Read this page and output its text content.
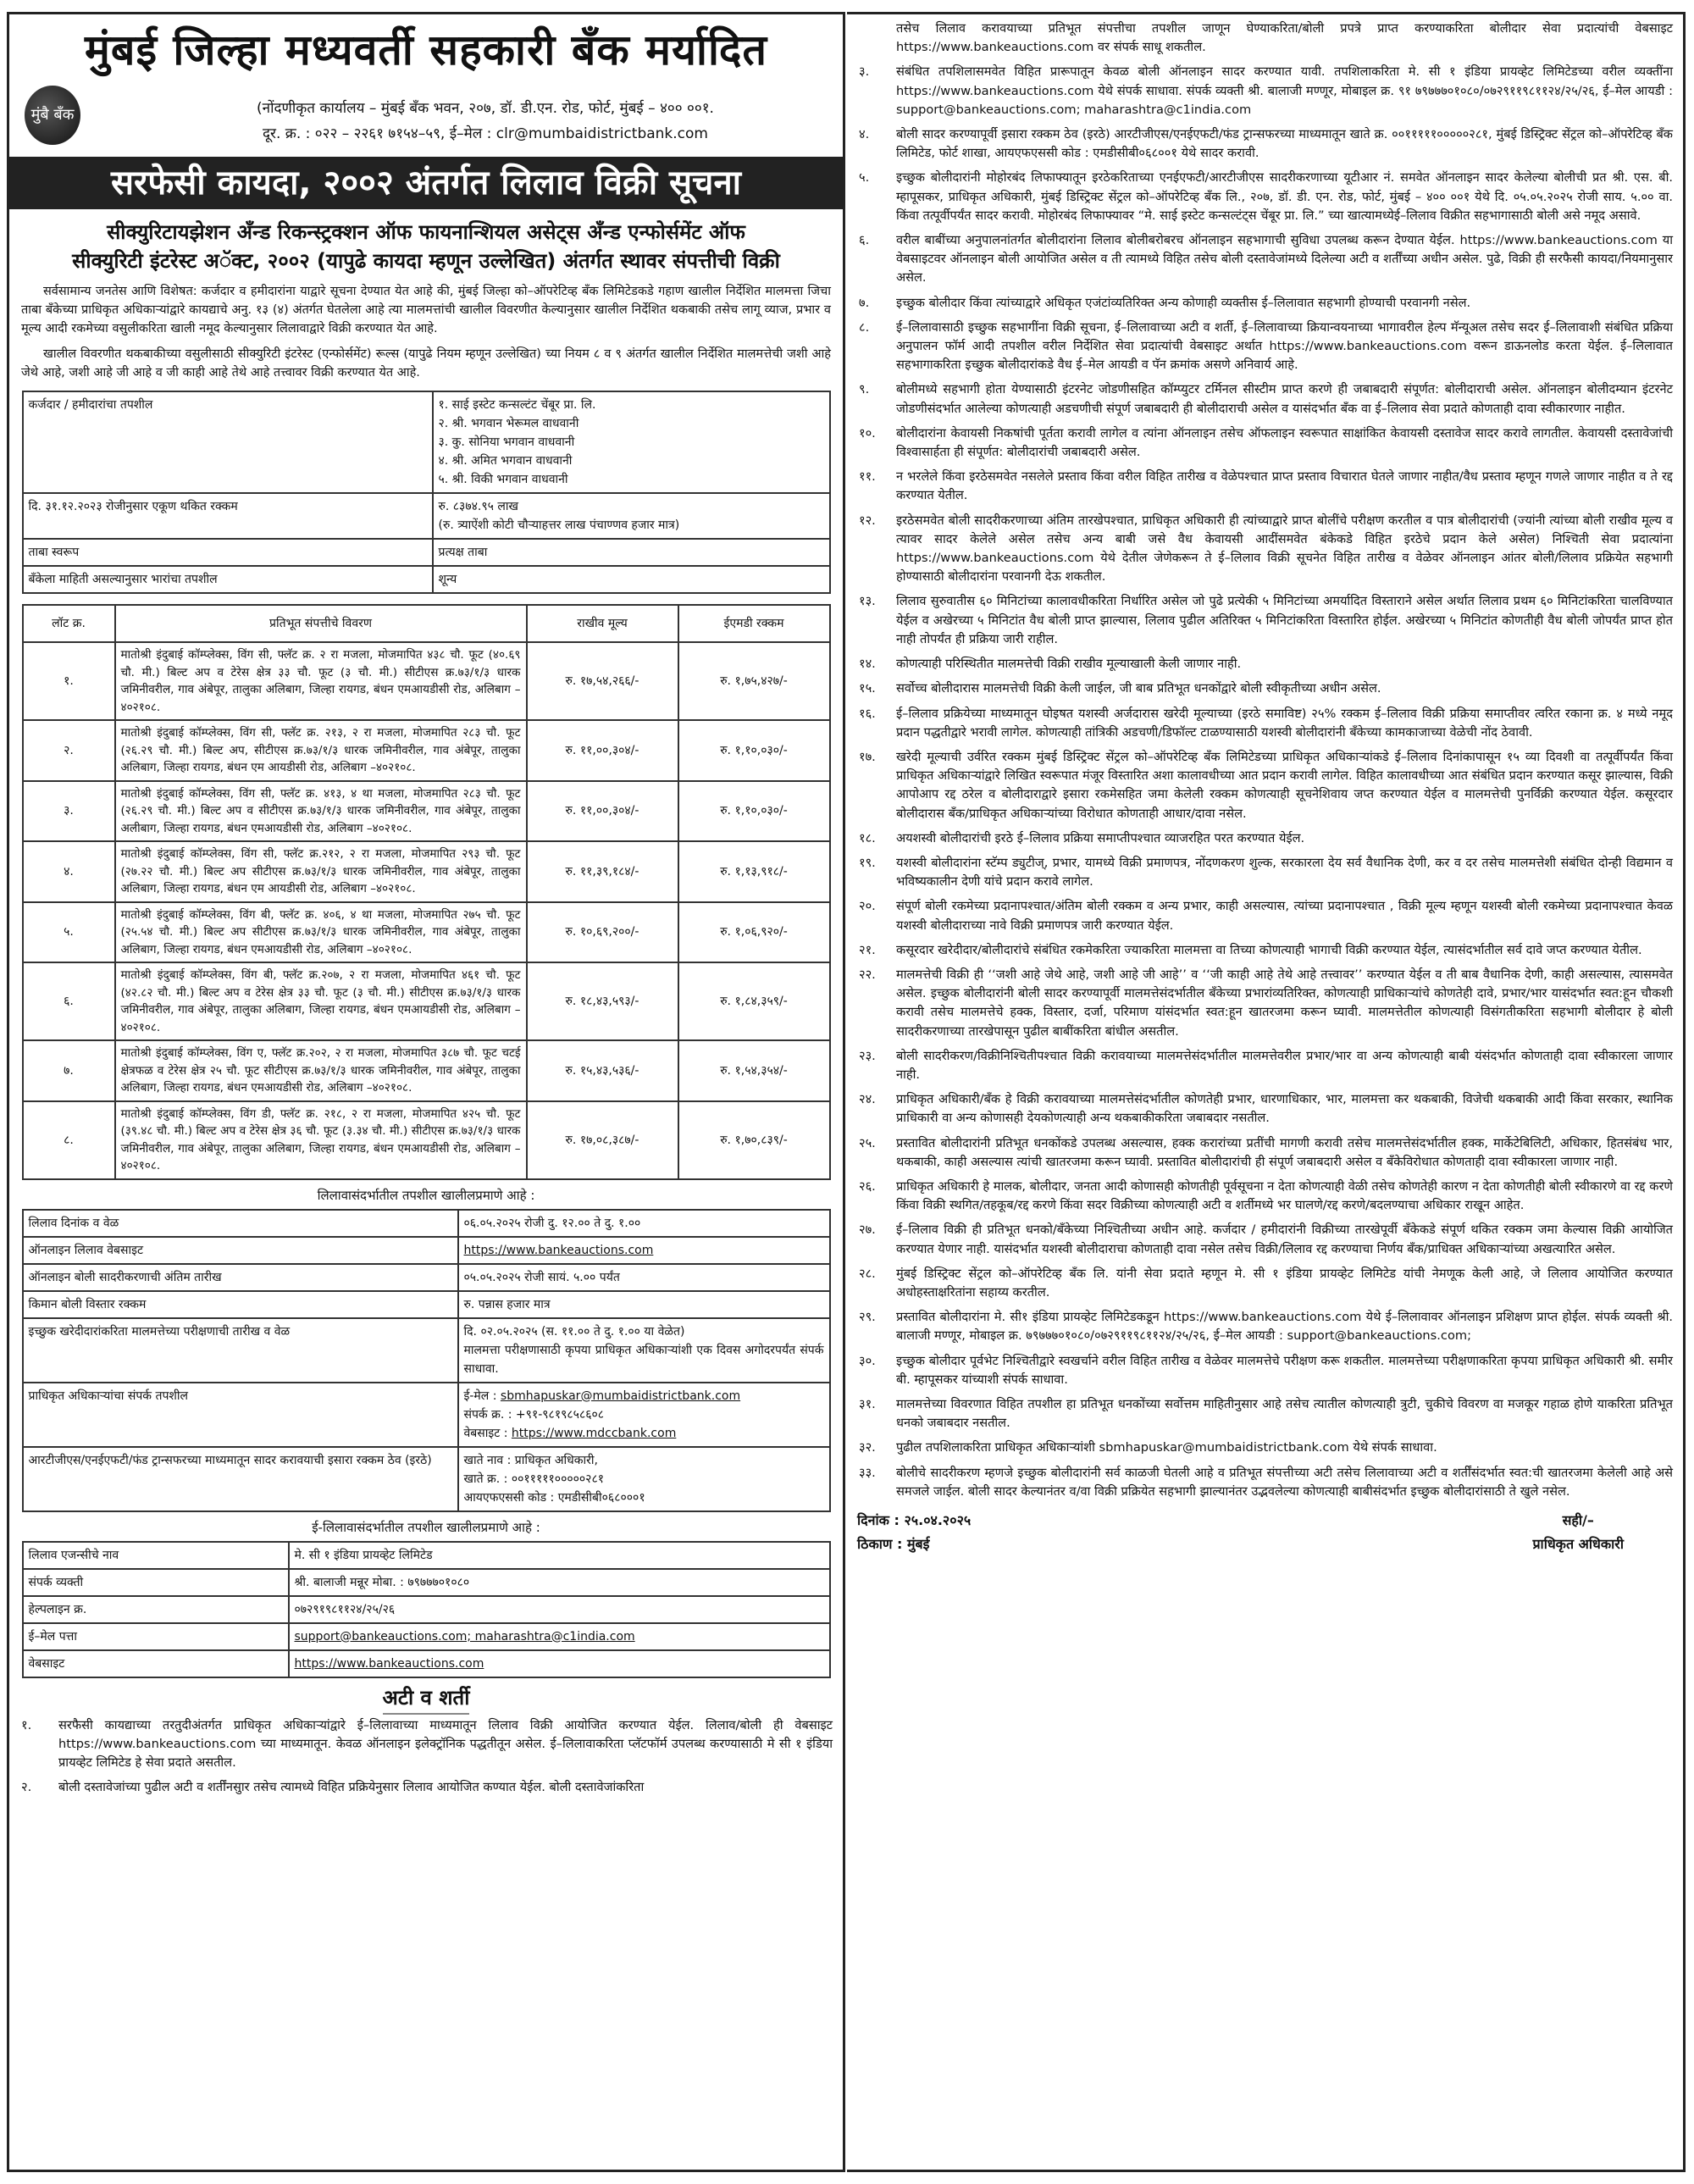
मुंबई जिल्हा मध्यवर्ती सहकारी बँक मर्यादित
मुंबै बँक	(नोंदणीकृत कार्यालय – मुंबई बँक भवन, २०७, डॉ. डी.एन. रोड, फोर्ट, मुंबई – ४०० ००१.
दूर. क्र. : ०२२ – २२६१ ७१५४–५९, ई–मेल : clr@mumbaidistrictbank.com
सरफेसी कायदा, २००२ अंतर्गत लिलाव विक्री सूचना
सीक्युरिटायझेशन अँन्ड रिकन्स्ट्रक्शन ऑफ फायनान्शियल असेट्स अँन्ड एन्फोर्समेंट ऑफ
सीक्युरिटी इंटरेस्ट अॅक्ट, २००२ (यापुढे कायदा म्हणून उल्लेखित) अंतर्गत स्थावर संपत्तीची विक्री

सर्वसामान्य जनतेस आणि विशेषत: कर्जदार व हमीदारांना याद्वारे सूचना देण्यात येत आहे की, मुंबई जिल्हा को–ऑपरेटिव्ह बँक लिमिटेडकडे गहाण खालील निर्देशित मालमत्ता जिचा ताबा बँकेच्या प्राधिकृत अधिकाऱ्यांद्वारे कायद्याचे अनु. १३ (४) अंतर्गत घेतलेला आहे त्या मालमत्तांची खालील विवरणीत केल्यानुसार खालील निर्देशित थकबाकी तसेच लागू व्याज, प्रभार व मूल्य आदी रकमेच्या वसुलीकरिता खाली नमूद केल्यानुसार लिलावाद्वारे विक्री करण्यात येत आहे.

खालील विवरणीत थकबाकीच्या वसुलीसाठी सीक्युरिटी इंटरेस्ट (एन्फोर्समेंट) रूल्स (यापुढे नियम म्हणून उल्लेखित) च्या नियम ८ व ९ अंतर्गत खालील निर्देशित मालमत्तेची जशी आहे जेथे आहे, जशी आहे जी आहे व जी काही आहे तेथे आहे तत्त्वावर विक्री करण्यात येत आहे.

कर्जदार / हमीदारांचा तपशील	१. साई इस्टेट कन्सल्टंट चेंबूर प्रा. लि.
२. श्री. भगवान भेरूमल वाधवानी
३. कु. सोनिया भगवान वाधवानी
४. श्री. अमित भगवान वाधवानी
५. श्री. विकी भगवान वाधवानी

दि. ३१.१२.२०२३ रोजीनुसार एकूण थकित रक्कम	रु. ८३७४.९५ लाख
(रु. त्र्याऐंशी कोटी चौऱ्याहत्तर लाख पंचाण्णव हजार मात्र)

ताबा स्वरूप	प्रत्यक्ष ताबा

बँकेला माहिती असल्यानुसार भारांचा तपशील	शून्य
लॉट क्र.	प्रतिभूत संपत्तीचे विवरण	राखीव मूल्य	ईएमडी रक्कम
१.	मातोश्री इंदुबाई कॉम्प्लेक्स, विंग सी, फ्लॅट क्र. २ रा मजला, मोजमापित ४३८ चौ. फूट (४०.६९ चौ. मी.) बिल्ट अप व टेरेस क्षेत्र ३३ चौ. फूट (३ चौ. मी.) सीटीएस क्र.७३/१/३ धारक जमिनीवरील, गाव अंबेपूर, तालुका अलिबाग, जिल्हा रायगड, बंधन एमआयडीसी रोड, अलिबाग –४०२१०८.	रु. १७,५४,२६६/-	रु. १,७५,४२७/-
२.	मातोश्री इंदुबाई कॉम्प्लेक्स, विंग सी, फ्लॅट क्र. २१३, २ रा मजला, मोजमापित २८३ चौ. फूट (२६.२९ चौ. मी.) बिल्ट अप, सीटीएस क्र.७३/१/३ धारक जमिनीवरील, गाव अंबेपूर, तालुका अलिबाग, जिल्हा रायगड, बंधन एम आयडीसी रोड, अलिबाग –४०२१०८.	रु. ११,००,३०४/-	रु. १,१०,०३०/-
३.	मातोश्री इंदुबाई कॉम्प्लेक्स, विंग सी, फ्लॅट क्र. ४१३, ४ था मजला, मोजमापित २८३ चौ. फूट (२६.२९ चौ. मी.) बिल्ट अप व सीटीएस क्र.७३/१/३ धारक जमिनीवरील, गाव अंबेपूर, तालुका अलीबाग, जिल्हा रायगड, बंधन एमआयडीसी रोड, अलिबाग –४०२१०८.	रु. ११,००,३०४/-	रु. १,१०,०३०/-
४.	मातोश्री इंदुबाई कॉम्प्लेक्स, विंग सी, फ्लॅट क्र.२१२, २ रा मजला, मोजमापित २९३ चौ. फूट (२७.२२ चौ. मी.) बिल्ट अप सीटीएस क्र.७३/१/३ धारक जमिनीवरील, गाव अंबेपूर, तालुका अलिबाग, जिल्हा रायगड, बंधन एम आयडीसी रोड, अलिबाग –४०२१०८.	रु. ११,३९,१८४/-	रु. १,१३,९१८/-
५.	मातोश्री इंदुबाई कॉम्प्लेक्स, विंग बी, फ्लॅट क्र. ४०६, ४ था मजला, मोजमापित २७५ चौ. फूट (२५.५४ चौ. मी.) बिल्ट अप सीटीएस क्र.७३/१/३ धारक जमिनीवरील, गाव अंबेपूर, तालुका अलिबाग, जिल्हा रायगड, बंधन एमआयडीसी रोड, अलिबाग –४०२१०८.	रु. १०,६९,२००/-	रु. १,०६,९२०/-
६.	मातोश्री इंदुबाई कॉम्प्लेक्स, विंग बी, फ्लॅट क्र.२०७, २ रा मजला, मोजमापित ४६१ चौ. फूट (४२.८२ चौ. मी.) बिल्ट अप व टेरेस क्षेत्र ३३ चौ. फूट (३ चौ. मी.) सीटीएस क्र.७३/१/३ धारक जमिनीवरील, गाव अंबेपूर, तालुका अलिबाग, जिल्हा रायगड, बंधन एमआयडीसी रोड, अलिबाग –४०२१०८.	रु. १८,४३,५९३/-	रु. १,८४,३५९/-
७.	मातोश्री इंदुबाई कॉम्प्लेक्स, विंग ए, फ्लॅट क्र.२०२, २ रा मजला, मोजमापित ३८७ चौ. फूट चटई क्षेत्रफळ व टेरेस क्षेत्र २५ चौ. फूट सीटीएस क्र.७३/१/३ धारक जमिनीवरील, गाव अंबेपूर, तालुका अलिबाग, जिल्हा रायगड, बंधन एमआयडीसी रोड, अलिबाग –४०२१०८.	रु. १५,४३,५३६/-	रु. १,५४,३५४/-
८.	मातोश्री इंदुबाई कॉम्प्लेक्स, विंग डी, फ्लॅट क्र. २१८, २ रा मजला, मोजमापित ४२५ चौ. फूट (३९.४८ चौ. मी.) बिल्ट अप व टेरेस क्षेत्र ३६ चौ. फूट (३.३४ चौ. मी.) सीटीएस क्र.७३/१/३ धारक जमिनीवरील, गाव अंबेपूर, तालुका अलिबाग, जिल्हा रायगड, बंधन एमआयडीसी रोड, अलिबाग –४०२१०८.	रु. १७,०८,३८७/-	रु. १,७०,८३९/-
लिलावासंदर्भातील तपशील खालीलप्रमाणे आहे :
लिलाव दिनांक व वेळ	०६.०५.२०२५ रोजी दु. १२.०० ते दु. १.००
ऑनलाइन लिलाव वेबसाइट	https://www.bankeauctions.com
ऑनलाइन बोली सादरीकरणाची अंतिम तारीख	०५.०५.२०२५ रोजी सायं. ५.०० पर्यंत
किमान बोली विस्तार रक्कम	रु. पन्नास हजार मात्र
इच्छुक खरेदीदारांकरिता मालमत्तेच्या परीक्षणाची तारीख व वेळ	दि. ०२.०५.२०२५ (स. ११.०० ते दु. १.०० या वेळेत)
मालमत्ता परीक्षणासाठी कृपया प्राधिकृत अधिकाऱ्यांशी एक दिवस अगोदरपर्यंत संपर्क साधावा.

प्राधिकृत अधिकाऱ्यांचा संपर्क तपशील	ई-मेल : sbmhapuskar@mumbaidistrictbank.com
संपर्क क्र. : +९१-९८१९८५८६०८
वेबसाइट : https://www.mdccbank.com

आरटीजीएस/एनईएफटी/फंड ट्रान्सफरच्या माध्यमातून सादर करावयाची इसारा रक्कम ठेव (इरठे)	खाते नाव : प्राधिकृत अधिकारी,
खाते क्र. : ००१११११०००००२८१
आयएफएससी कोड : एमडीसीबी०६८०००१
ई-लिलावासंदर्भातील तपशील खालीलप्रमाणे आहे :
लिलाव एजन्सीचे नाव	मे. सी १ इंडिया प्रायव्हेट लिमिटेड
संपर्क व्यक्ती	श्री. बालाजी मन्नूर मोबा. : ७९७७७०१०८०
हेल्पलाइन क्र.	०७२९१९८११२४/२५/२६
ई–मेल पत्ता	support@bankeauctions.com; maharashtra@c1india.com
वेबसाइट	https://www.bankeauctions.com
अटी व शर्ती
१. सरफैसी कायद्याच्या तरतुदीअंतर्गत प्राधिकृत अधिकाऱ्यांद्वारे ई–लिलावाच्या माध्यमातून लिलाव विक्री आयोजित करण्यात येईल. लिलाव/बोली ही वेबसाइट https://www.bankeauctions.com च्या माध्यमातून. केवळ ऑनलाइन इलेक्ट्रॉनिक पद्धतीतून असेल. ई–लिलावाकरिता प्लॅटफॉर्म उपलब्ध करण्यासाठी मे सी १ इंडिया प्रायव्हेट लिमिटेड हे सेवा प्रदाते असतील.
२. बोली दस्तावेजांच्या पुढील अटी व शर्तींनसुार तसेच त्यामध्ये विहित प्रक्रियेनुसार लिलाव आयोजित कण्यात येईल. बोली दस्तावेजांकरिता
तसेच लिलाव करावयाच्या प्रतिभूत संपत्तीचा तपशील जाणून घेण्याकरिता/बोली प्रपत्रे प्राप्त करण्याकरिता बोलीदार सेवा प्रदात्यांची वेबसाइट https://www.bankeauctions.com वर संपर्क साधू शकतील.
३. संबंधित तपशिलासमवेत विहित प्रारूपातून केवळ बोली ऑनलाइन सादर करण्यात यावी. तपशिलाकरिता मे. सी १ इंडिया प्रायव्हेट लिमिटेडच्या वरील व्यक्तींना https://www.bankeauctions.com येथे संपर्क साधावा. संपर्क व्यक्ती श्री. बालाजी मण्णूर, मोबाइल क्र. ९१ ७९७७७०१०८०/०७२९११९८११२४/२५/२६, ई–मेल आयडी : support@bankeauctions.com; maharashtra@c1india.com
४. बोली सादर करण्यापूर्वी इसारा रक्कम ठेव (इरठे) आरटीजीएस/एनईएफटी/फंड ट्रान्सफरच्या माध्यमातून खाते क्र. ००१११११०००००२८१, मुंबई डिस्ट्रिक्ट सेंट्रल को–ऑपरेटिव्ह बँक लिमिटेड, फोर्ट शाखा, आयएफएससी कोड : एमडीसीबी०६८००१ येथे सादर करावी.
५. इच्छुक बोलीदारांनी मोहोरबंद लिफाफ्यातून इरठेकरिताच्या एनईएफटी/आरटीजीएस सादरीकरणाच्या यूटीआर नं. समवेत ऑनलाइन सादर केलेल्या बोलीची प्रत श्री. एस. बी. म्हापूसकर, प्राधिकृत अधिकारी, मुंबई डिस्ट्रिक्ट सेंट्रल को–ऑपरेटिव्ह बँक लि., २०७, डॉ. डी. एन. रोड, फोर्ट, मुंबई – ४०० ००१ येथे दि. ०५.०५.२०२५ रोजी साय. ५.०० वा. किंवा तत्पूर्वीपर्यंत सादर करावी. मोहोरबंद लिफाफ्यावर “मे. साई इस्टेट कन्सल्टंट्स चेंबूर प्रा. लि.” च्या खात्यामध्येई–लिलाव विक्रीत सहभागासाठी बोली असे नमूद असावे.
६. वरील बाबींच्या अनुपालनांतर्गत बोलीदारांना लिलाव बोलीबरोबरच ऑनलाइन सहभागाची सुविधा उपलब्ध करून देण्यात येईल. https://www.bankeauctions.com या वेबसाइटवर ऑनलाइन बोली आयोजित असेल व ती त्यामध्ये विहित तसेच बोली दस्तावेजांमध्ये दिलेल्या अटी व शर्तींच्या अधीन असेल. पुढे, विक्री ही सरफैसी कायदा/नियमानुसार असेल.
७. इच्छुक बोलीदार किंवा त्यांच्याद्वारे अधिकृत एजंटांव्यतिरिक्त अन्य कोणाही व्यक्तीस ई–लिलावात सहभागी होण्याची परवानगी नसेल.
८. ई–लिलावासाठी इच्छुक सहभागींना विक्री सूचना, ई–लिलावाच्या अटी व शर्ती, ई–लिलावाच्या क्रियान्वयनाच्या भागावरील हेल्प मॅन्यूअल तसेच सदर ई–लिलावाशी संबंधित प्रक्रिया अनुपालन फॉर्म आदी तपशील वरील निर्देशित सेवा प्रदात्यांची वेबसाइट अर्थात https://www.bankeauctions.com वरून डाऊनलोड करता येईल. ई–लिलावात सहभागाकरिता इच्छुक बोलीदारांकडे वैध ई–मेल आयडी व पॅन क्रमांक असणे अनिवार्य आहे.
९. बोलीमध्ये सहभागी होता येण्यासाठी इंटरनेट जोडणीसहित कॉम्प्युटर टर्मिनल सीस्टीम प्राप्त करणे ही जबाबदारी संपूर्णत: बोलीदाराची असेल. ऑनलाइन बोलीदम्यान इंटरनेट जोडणीसंदर्भात आलेल्या कोणत्याही अडचणीची संपूर्ण जबाबदारी ही बोलीदाराची असेल व यासंदर्भात बँक वा ई–लिलाव सेवा प्रदाते कोणताही दावा स्वीकारणार नाहीत.
१०. बोलीदारांना केवायसी निकषांची पूर्तता करावी लागेल व त्यांना ऑनलाइन तसेच ऑफलाइन स्वरूपात साक्षांकित केवायसी दस्तावेज सादर करावे लागतील. केवायसी दस्तावेजांची विश्वासार्हता ही संपूर्णत: बोलीदारांची जबाबदारी असेल.
११. न भरलेले किंवा इरठेसमवेत नसलेले प्रस्ताव किंवा वरील विहित तारीख व वेळेपश्चात प्राप्त प्रस्ताव विचारात घेतले जाणार नाहीत/वैध प्रस्ताव म्हणून गणले जाणार नाहीत व ते रद्द करण्यात येतील.
१२. इरठेसमवेत बोली सादरीकरणाच्या अंतिम तारखेपश्चात, प्राधिकृत अधिकारी ही त्यांच्याद्वारे प्राप्त बोलींचे परीक्षण करतील व पात्र बोलीदारांची (ज्यांनी त्यांच्या बोली राखीव मूल्य व त्यावर सादर केलेले असेल तसेच अन्य बाबी जसे वैध केवायसी आदींसमवेत बंकेकडे विहित इरठेचे प्रदान केले असेल) निश्चिती सेवा प्रदात्यांना https://www.bankeauctions.com येथे देतील जेणेकरून ते ई–लिलाव विक्री सूचनेत विहित तारीख व वेळेवर ऑनलाइन आंतर बोली/लिलाव प्रक्रियेत सहभागी होण्यासाठी बोलीदारांना परवानगी देऊ शकतील.
१३. लिलाव सुरुवातीस ६० मिनिटांच्या कालावधीकरिता निर्धारित असेल जो पुढे प्रत्येकी ५ मिनिटांच्या अमर्यादित विस्ताराने असेल अर्थात लिलाव प्रथम ६० मिनिटांकरिता चालविण्यात येईल व अखेरच्या ५ मिनिटांत वैध बोली प्राप्त झाल्यास, लिलाव पुढील अतिरिक्त ५ मिनिटांकरिता विस्तारित होईल. अखेरच्या ५ मिनिटांत कोणतीही वैध बोली जोपर्यंत प्राप्त होत नाही तोपर्यंत ही प्रक्रिया जारी राहील.
१४. कोणत्याही परिस्थितीत मालमत्तेची विक्री राखीव मूल्याखाली केली जाणार नाही.
१५. सर्वोच्च बोलीदारास मालमत्तेची विक्री केली जाईल, जी बाब प्रतिभूत धनकोंद्वारे बोली स्वीकृतीच्या अधीन असेल.
१६. ई–लिलाव प्रक्रियेच्या माध्यमातून घोइषत यशस्वी अर्जदारास खरेदी मूल्याच्या (इरठे समाविष्ट) २५% रक्कम ई–लिलाव विक्री प्रक्रिया समाप्तीवर त्वरित रकाना क्र. ४ मध्ये नमूद प्रदान पद्धतीद्वारे भरावी लागेल. कोणत्याही तांत्रिकी अडचणी/डिफॉल्ट टाळण्यासाठी यशस्वी बोलीदारांनी बँकेच्या कामकाजाच्या वेळेची नोंद ठेवावी.
१७. खरेदी मूल्याची उर्वरित रक्कम मुंबई डिस्ट्रिक्ट सेंट्रल को–ऑपरेटिव्ह बँक लिमिटेडच्या प्राधिकृत अधिकाऱ्यांकडे ई–लिलाव दिनांकापासून १५ व्या दिवशी वा तत्पूर्वीपर्यंत किंवा प्राधिकृत अधिकाऱ्यांद्वारे लिखित स्वरूपात मंजूर विस्तारित अशा कालावधीच्या आत प्रदान करावी लागेल. विहित कालावधीच्या आत संबंधित प्रदान करण्यात कसूर झाल्यास, विक्री आपोआप रद्द ठरेल व बोलीदाराद्वारे इसारा रकमेसहित जमा केलेली रक्कम कोणत्याही सूचनेशिवाय जप्त करण्यात येईल व मालमत्तेची पुनर्विक्री करण्यात येईल. कसूरदार बोलीदारास बँक/प्राधिकृत अधिकाऱ्यांच्या विरोधात कोणताही आधार/दावा नसेल.
१८. अयशस्वी बोलीदारांची इरठे ई–लिलाव प्रक्रिया समाप्तीपश्चात व्याजरहित परत करण्यात येईल.
१९. यशस्वी बोलीदारांना स्टॅम्प ड्युटीज्, प्रभार, यामध्ये विक्री प्रमाणपत्र, नोंदणकरण शुल्क, सरकारला देय सर्व वैधानिक देणी, कर व दर तसेच मालमत्तेशी संबंधित दोन्ही विद्यमान व भविष्यकालीन देणी यांचे प्रदान करावे लागेल.
२०. संपूर्ण बोली रकमेच्या प्रदानापश्चात/अंतिम बोली रक्कम व अन्य प्रभार, काही असल्यास, त्यांच्या प्रदानापश्चात , विक्री मूल्य म्हणून यशस्वी बोली रकमेच्या प्रदानापश्चात केवळ यशस्वी बोलीदाराच्या नावे विक्री प्रमाणपत्र जारी करण्यात येईल.
२१. कसूरदार खरेदीदार/बोलीदारांचे संबंधित रकमेकरिता ज्याकरिता मालमत्ता वा तिच्या कोणत्याही भागाची विक्री करण्यात येईल, त्यासंदर्भातील सर्व दावे जप्त करण्यात येतील.
२२. मालमत्तेची विक्री ही ‘‘जशी आहे जेथे आहे, जशी आहे जी आहे’’ व ‘‘जी काही आहे तेथे आहे तत्त्वावर’’ करण्यात येईल व ती बाब वैधानिक देणी, काही असल्यास, त्यासमवेत असेल. इच्छुक बोलीदारांनी बोली सादर करण्यापूर्वी मालमत्तेसंदर्भातील बँकेच्या प्रभारांव्यतिरिक्त, कोणत्याही प्राधिकाऱ्यांचे कोणतेही दावे, प्रभार/भार यासंदर्भात स्वत:हून चौकशी करावी तसेच मालमत्तेचे हक्क, विस्तार, दर्जा, परिमाण यांसंदर्भात स्वत:हून खातरजमा करून घ्यावी. मालमत्तेतील कोणत्याही विसंगतीकरिता सहभागी बोलीदार हे बोली सादरीकरणाच्या तारखेपासून पुढील बाबींकरिता बांधील असतील.
२३. बोली सादरीकरण/विक्रीनिश्चितीपश्चात विक्री करावयाच्या मालमत्तेसंदर्भातील मालमत्तेवरील प्रभार/भार वा अन्य कोणत्याही बाबी यंसंदर्भात कोणताही दावा स्वीकारला जाणार नाही.
२४. प्राधिकृत अधिकारी/बँक हे विक्री करावयाच्या मालमत्तेसंदर्भातील कोणतेही प्रभार, धारणाधिकार, भार, मालमत्ता कर थकबाकी, विजेची थकबाकी आदी किंवा सरकार, स्थानिक प्राधिकारी वा अन्य कोणासही देयकोणत्याही अन्य थकबाकीकरिता जबाबदार नसतील.
२५. प्रस्तावित बोलीदारांनी प्रतिभूत धनकोंकडे उपलब्ध असल्यास, हक्क करारांच्या प्रतींची मागणी करावी तसेच मालमत्तेसंदर्भातील हक्क, मार्केटेबिलिटी, अधिकार, हितसंबंध भार, थकबाकी, काही असल्यास त्यांची खातरजमा करून घ्यावी. प्रस्तावित बोलीदारांची ही संपूर्ण जबाबदारी असेल व बँकेविरोधात कोणताही दावा स्वीकारला जाणार नाही.
२६. प्राधिकृत अधिकारी हे मालक, बोलीदार, जनता आदी कोणासही कोणतीही पूर्वसूचना न देता कोणत्याही वेळी तसेच कोणतेही कारण न देता कोणतीही बोली स्वीकारणे वा रद्द करणे किंवा विक्री स्थगित/तहकूब/रद्द करणे किंवा सदर विक्रीच्या कोणत्याही अटी व शर्तीमध्ये भर घालणे/रद्द करणे/बदलण्याचा अधिकार राखून आहेत.
२७. ई–लिलाव विक्री ही प्रतिभूत धनको/बँकेच्या निश्चितीच्या अधीन आहे. कर्जदार / हमीदारांनी विक्रीच्या तारखेपूर्वी बँकेकडे संपूर्ण थकित रक्कम जमा केल्यास विक्री आयोजित करण्यात येणार नाही. यासंदर्भात यशस्वी बोलीदाराचा कोणताही दावा नसेल तसेच विक्री/लिलाव रद्द करण्याचा निर्णय बँक/प्राधिक्त अधिकाऱ्यांच्या अखत्यारित असेल.
२८. मुंबई डिस्ट्रिक्ट सेंट्रल को–ऑपरेटिव्ह बँक लि. यांनी सेवा प्रदाते म्हणून मे. सी १ इंडिया प्रायव्हेट लिमिटेड यांची नेमणूक केली आहे, जे लिलाव आयोजित करण्यात अधोहस्ताक्षरितांना सहाय्य करतील.
२९. प्रस्तावित बोलीदारांना मे. सी१ इंडिया प्रायव्हेट लिमिटेडकडून https://www.bankeauctions.com येथे ई–लिलावावर ऑनलाइन प्रशिक्षण प्राप्त होईल. संपर्क व्यक्ती श्री. बालाजी मण्णूर, मोबाइल क्र. ७९७७७०१०८०/०७२९११९८११२४/२५/२६, ई–मेल आयडी : support@bankeauctions.com;
३०. इच्छुक बोलीदार पूर्वभेट निश्चितीद्वारे स्वखर्चाने वरील विहित तारीख व वेळेवर मालमत्तेचे परीक्षण करू शकतील. मालमत्तेच्या परीक्षणाकरिता कृपया प्राधिकृत अधिकारी श्री. समीर बी. म्हापूसकर यांच्याशी संपर्क साधावा.
३१. मालमत्तेच्या विवरणात विहित तपशील हा प्रतिभूत धनकोंच्या सर्वोत्तम माहितीनुसार आहे तसेच त्यातील कोणत्याही त्रुटी, चुकीचे विवरण वा मजकूर गहाळ होणे याकरिता प्रतिभूत धनको जबाबदार नसतील.
३२. पुढील तपशिलाकरिता प्राधिकृत अधिकाऱ्यांशी sbmhapuskar@mumbaidistrictbank.com येथे संपर्क साधावा.
३३. बोलीचे सादरीकरण म्हणजे इच्छुक बोलीदारांनी सर्व काळजी घेतली आहे व प्रतिभूत संपत्तीच्या अटी तसेच लिलावाच्या अटी व शर्तींसंदर्भात स्वत:ची खातरजमा केलेली आहे असे समजले जाईल. बोली सादर केल्यानंतर व/वा विक्री प्रक्रियेत सहभागी झाल्यानंतर उद्भवलेल्या कोणत्याही बाबीसंदर्भात इच्छुक बोलीदारांसाठी ते खुले नसेल.
दिनांक : २५.०४.२०२५
ठिकाण : मुंबई
सही/–
प्राधिकृत अधिकारी
